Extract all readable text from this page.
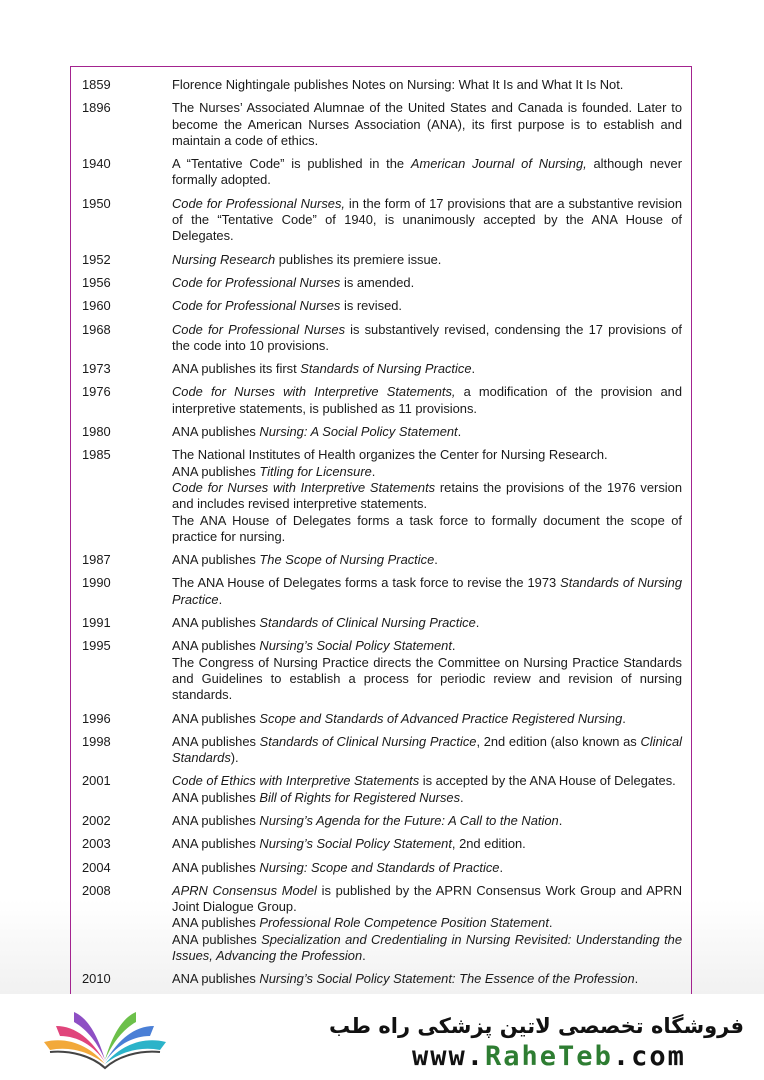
1859	Florence Nightingale publishes Notes on Nursing: What It Is and What It Is Not.
1896	The Nurses’ Associated Alumnae of the United States and Canada is founded. Later to become the American Nurses Association (ANA), its first purpose is to establish and maintain a code of ethics.
1940	A “Tentative Code” is published in the American Journal of Nursing, although never formally adopted.
1950	Code for Professional Nurses, in the form of 17 provisions that are a substantive revision of the “Tentative Code” of 1940, is unanimously accepted by the ANA House of Delegates.
1952	Nursing Research publishes its premiere issue.
1956	Code for Professional Nurses is amended.
1960	Code for Professional Nurses is revised.
1968	Code for Professional Nurses is substantively revised, condensing the 17 provisions of the code into 10 provisions.
1973	ANA publishes its first Standards of Nursing Practice.
1976	Code for Nurses with Interpretive Statements, a modification of the provision and interpretive statements, is published as 11 provisions.
1980	ANA publishes Nursing: A Social Policy Statement.
1985	The National Institutes of Health organizes the Center for Nursing Research.
ANA publishes Titling for Licensure.
Code for Nurses with Interpretive Statements retains the provisions of the 1976 version and includes revised interpretive statements.
The ANA House of Delegates forms a task force to formally document the scope of practice for nursing.
1987	ANA publishes The Scope of Nursing Practice.
1990	The ANA House of Delegates forms a task force to revise the 1973 Standards of Nursing Practice.
1991	ANA publishes Standards of Clinical Nursing Practice.
1995	ANA publishes Nursing’s Social Policy Statement.
The Congress of Nursing Practice directs the Committee on Nursing Practice Standards and Guidelines to establish a process for periodic review and revision of nursing standards.
1996	ANA publishes Scope and Standards of Advanced Practice Registered Nursing.
1998	ANA publishes Standards of Clinical Nursing Practice, 2nd edition (also known as Clinical Standards).
2001	Code of Ethics with Interpretive Statements is accepted by the ANA House of Delegates.
ANA publishes Bill of Rights for Registered Nurses.
2002	ANA publishes Nursing’s Agenda for the Future: A Call to the Nation.
2003	ANA publishes Nursing’s Social Policy Statement, 2nd edition.
2004	ANA publishes Nursing: Scope and Standards of Practice.
2008	APRN Consensus Model is published by the APRN Consensus Work Group and APRN Joint Dialogue Group.
ANA publishes Professional Role Competence Position Statement.
ANA publishes Specialization and Credentialing in Nursing Revisited: Understanding the Issues, Advancing the Profession.
2010	ANA publishes Nursing’s Social Policy Statement: The Essence of the Profession.
فروشگاه تخصصی لاتین پزشکی راه طب
www.RaheTeb.com
